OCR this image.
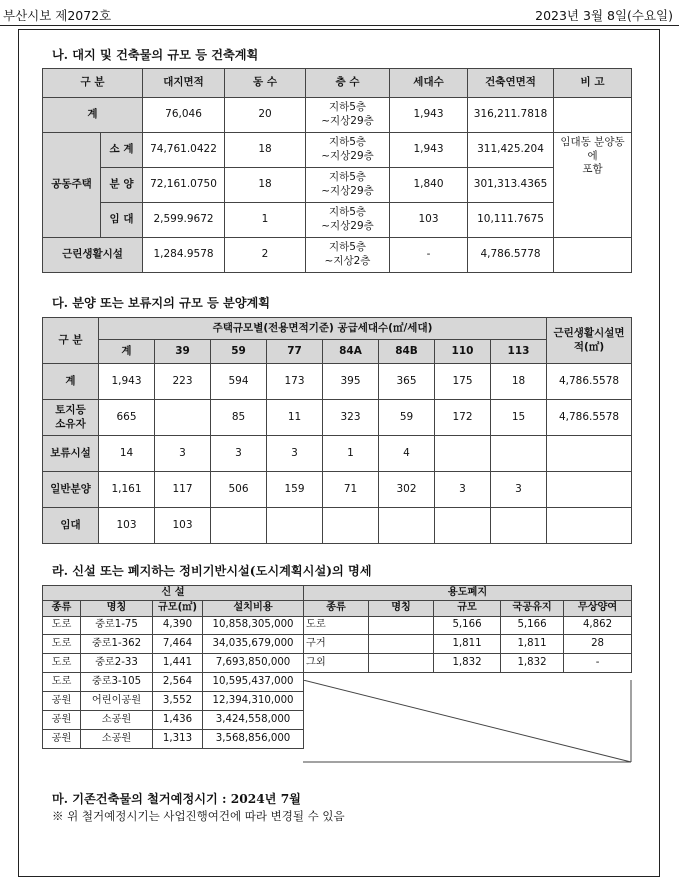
부산시보 제2072호	2023년 3월 8일(수요일)
나. 대지 및 건축물의 규모 등 건축계획
구 분		대지면적	동 수	층 수	세대수	건축연면적	비 고
계		76,046	20	지하5층
~지상29층	1,943	316,211.7818	
공동주택	소 계	74,761.0422	18	지하5층
~지상29층	1,943	311,425.204	임대동 분양동에
포함
	분 양	72,161.0750	18	지하5층
~지상29층	1,840	301,313.4365	
	임 대	2,599.9672	1	지하5층
~지상29층	103	10,111.7675	
근린생활시설		1,284.9578	2	지하5층
~지상2층	-	4,786.5778	
다. 분양 또는 보류지의 규모 등 분양계획
구 분	주택규모별(전용면적기준) 공급세대수(㎡/세대)								근린생활시설면
적(㎡)
	계	39	59	77	84A	84B	110	113	
계	1,943	223	594	173	395	365	175	18	4,786.5578
토지등
소유자	665		85	11	323	59	172	15	4,786.5578
보류시설	14	3	3	3	1	4			
일반분양	1,161	117	506	159	71	302	3	3	
임대	103	103							
라. 신설 또는 폐지하는 정비기반시설(도시계획시설)의 명세
신 설				용도폐지				
종류	명칭	규모(㎡)	설치비용	종류	명칭	규모	국공유지	무상양여
도로	중로1-75	4,390	10,858,305,000	도로		5,166	5,166	4,862
도로	중로1-362	7,464	34,035,679,000	구거		1,811	1,811	28
도로	중로2-33	1,441	7,693,850,000	그외		1,832	1,832	-
도로	중로3-105	2,564	10,595,437,000					
공원	어린이공원	3,552	12,394,310,000					
공원	소공원	1,436	3,424,558,000					
공원	소공원	1,313	3,568,856,000					
마. 기존건축물의 철거예정시기 : 2024년 7월
※ 위 철거예정시기는 사업진행여건에 따라 변경될 수 있음
